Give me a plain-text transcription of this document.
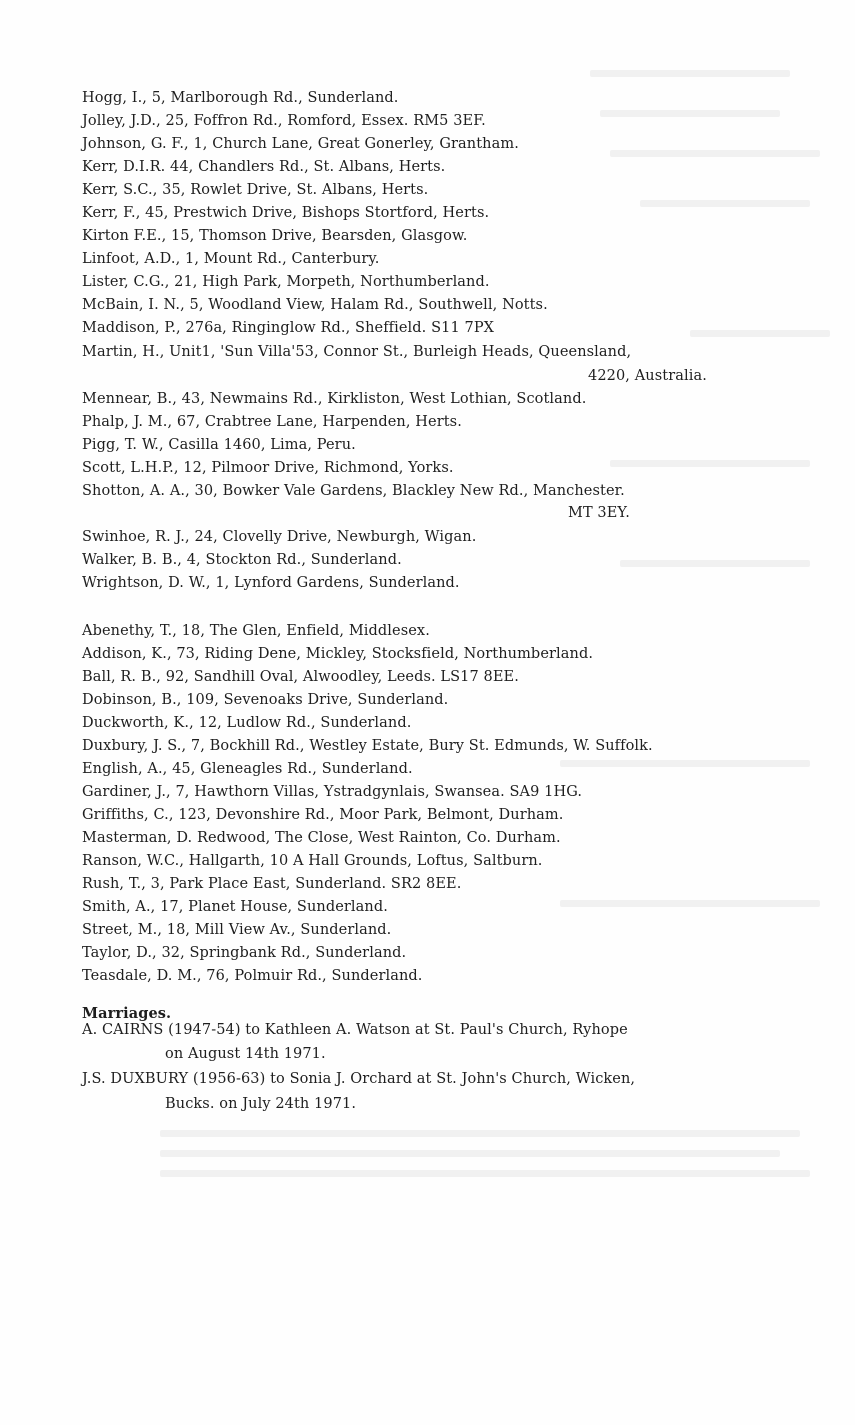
Hogg, I., 5, Marlborough Rd., Sunderland.
Jolley, J.D., 25, Foffron Rd., Romford, Essex. RM5 3EF.
Johnson, G. F., 1, Church Lane, Great Gonerley, Grantham.
Kerr, D.I.R. 44, Chandlers Rd., St. Albans, Herts.
Kerr, S.C., 35, Rowlet Drive, St. Albans, Herts.
Kerr, F., 45, Prestwich Drive, Bishops Stortford, Herts.
Kirton F.E., 15, Thomson Drive, Bearsden, Glasgow.
Linfoot, A.D., 1, Mount Rd., Canterbury.
Lister, C.G., 21, High Park, Morpeth, Northumberland.
McBain, I. N., 5, Woodland View, Halam Rd., Southwell, Notts.
Maddison, P., 276a, Ringinglow Rd., Sheffield. S11 7PX
Martin, H., Unit1, 'Sun Villa'53, Connor St., Burleigh Heads, Queensland,
4220, Australia.
Mennear, B., 43, Newmains Rd., Kirkliston, West Lothian, Scotland.
Phalp, J. M., 67, Crabtree Lane, Harpenden, Herts.
Pigg, T. W., Casilla 1460, Lima, Peru.
Scott, L.H.P., 12, Pilmoor Drive, Richmond, Yorks.
Shotton, A. A., 30, Bowker Vale Gardens, Blackley New Rd., Manchester.
MT 3EY.
Swinhoe, R. J., 24, Clovelly Drive, Newburgh, Wigan.
Walker, B. B., 4, Stockton Rd., Sunderland.
Wrightson, D. W., 1, Lynford Gardens, Sunderland.
Abenethy, T., 18, The Glen, Enfield, Middlesex.
Addison, K., 73, Riding Dene, Mickley, Stocksfield, Northumberland.
Ball, R. B., 92, Sandhill Oval, Alwoodley, Leeds. LS17 8EE.
Dobinson, B., 109, Sevenoaks Drive, Sunderland.
Duckworth, K., 12, Ludlow Rd., Sunderland.
Duxbury, J. S., 7, Bockhill Rd., Westley Estate, Bury St. Edmunds, W. Suffolk.
English, A., 45, Gleneagles Rd., Sunderland.
Gardiner, J., 7, Hawthorn Villas, Ystradgynlais, Swansea. SA9 1HG.
Griffiths, C., 123, Devonshire Rd., Moor Park, Belmont, Durham.
Masterman, D. Redwood, The Close, West Rainton, Co. Durham.
Ranson, W.C., Hallgarth, 10 A Hall Grounds, Loftus, Saltburn.
Rush, T., 3, Park Place East, Sunderland. SR2 8EE.
Smith, A., 17, Planet House, Sunderland.
Street, M., 18, Mill View Av., Sunderland.
Taylor, D., 32, Springbank Rd., Sunderland.
Teasdale, D. M., 76, Polmuir Rd., Sunderland.
Marriages.
A. CAIRNS (1947-54) to Kathleen A. Watson at St. Paul's Church, Ryhope
on August 14th 1971.
J.S. DUXBURY (1956-63) to Sonia J. Orchard at St. John's Church, Wicken,
Bucks. on July 24th 1971.
